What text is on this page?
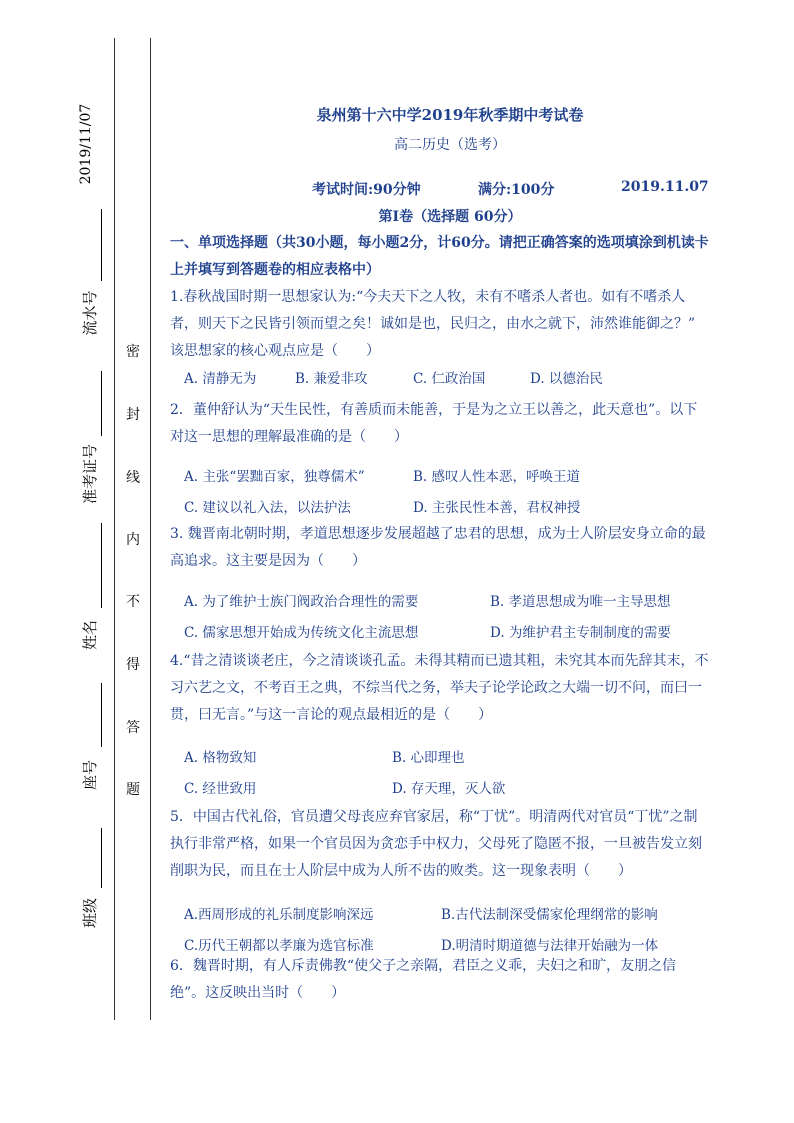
2019/11/07
流水号
准考证号
姓名
座号
班级
密
封
线
内
不
得
答
题
泉州第十六中学2019年秋季期中考试卷
高二历史（选考）
考试时间:90分钟	满分:100分	2019.11.07
第Ⅰ卷（选择题 60分）
一、单项选择题（共30小题，每小题2分，计60分。请把正确答案的选项填涂到机读卡上并填写到答题卷的相应表格中）
1.春秋战国时期一思想家认为:“今夫天下之人牧，未有不嗜杀人者也。如有不嗜杀人者，则天下之民皆引领而望之矣！诚如是也，民归之，由水之就下，沛然谁能御之？” 该思想家的核心观点应是（　　）
A. 清静无为	B. 兼爱非攻	C. 仁政治国	D. 以德治民
2．董仲舒认为“天生民性，有善质而未能善，于是为之立王以善之，此天意也”。以下对这一思想的理解最准确的是（　　）
A. 主张“罢黜百家，独尊儒术”	B. 感叹人性本恶，呼唤王道
C. 建议以礼入法，以法护法	D. 主张民性本善，君权神授
3. 魏晋南北朝时期，孝道思想逐步发展超越了忠君的思想，成为士人阶层安身立命的最高追求。这主要是因为（　　）
A. 为了维护士族门阀政治合理性的需要	B. 孝道思想成为唯一主导思想
C. 儒家思想开始成为传统文化主流思想	D. 为维护君主专制制度的需要
4.“昔之清谈谈老庄，今之清谈谈孔孟。未得其精而已遗其粗，未究其本而先辞其末，不习六艺之文，不考百王之典，不综当代之务，举夫子论学论政之大端一切不问，而曰一贯，曰无言。”与这一言论的观点最相近的是（　　）
A. 格物致知	B. 心即理也
C. 经世致用	D. 存天理，灭人欲
5．中国古代礼俗，官员遭父母丧应弃官家居，称“丁忧”。明清两代对官员“丁忧”之制执行非常严格，如果一个官员因为贪恋手中权力，父母死了隐匿不报，一旦被告发立刻削职为民，而且在士人阶层中成为人所不齿的败类。这一现象表明（　　）
A.西周形成的礼乐制度影响深远	B.古代法制深受儒家伦理纲常的影响
C.历代王朝都以孝廉为选官标准	D.明清时期道德与法律开始融为一体
6．魏晋时期，有人斥责佛教“使父子之亲隔，君臣之义乖，夫妇之和旷，友朋之信绝”。这反映出当时（　　）
